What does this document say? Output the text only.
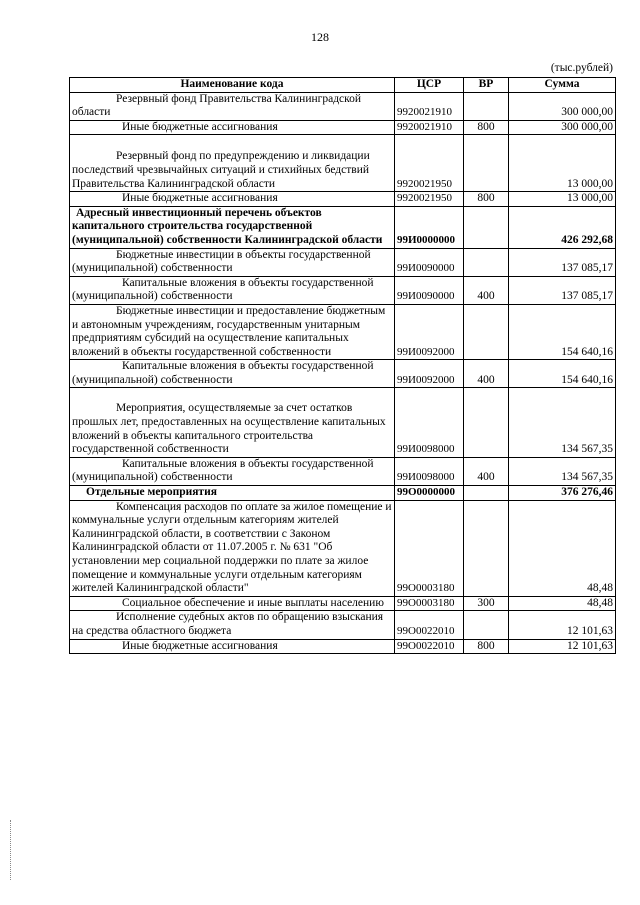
128
(тыс.рублей)
Наименование кода	ЦСР	ВР	Сумма

Резервный фонд Правительства Калининградской области	9920021910		300 000,00

Иные бюджетные ассигнования	9920021910	800	300 000,00

Резервный фонд по предупреждению и ликвидации последствий чрезвычайных ситуаций и стихийных бедствий Правительства Калининградской области	9920021950		13 000,00

Иные бюджетные ассигнования	9920021950	800	13 000,00

Адресный инвестиционный перечень объектов капитального строительства государственной (муниципальной) собственности Калининградской области	99И0000000		426 292,68

Бюджетные инвестиции в объекты государственной (муниципальной) собственности	99И0090000		137 085,17

Капитальные вложения в объекты государственной (муниципальной) собственности	99И0090000	400	137 085,17

Бюджетные инвестиции и предоставление бюджетным и автономным учреждениям, государственным унитарным предприятиям субсидий на осуществление капитальных вложений в объекты государственной собственности	99И0092000		154 640,16

Капитальные вложения в объекты государственной (муниципальной) собственности	99И0092000	400	154 640,16

Мероприятия, осуществляемые за счет остатков прошлых лет, предоставленных на осуществление капитальных вложений в объекты капитального строительства государственной собственности	99И0098000		134 567,35

Капитальные вложения в объекты государственной (муниципальной) собственности	99И0098000	400	134 567,35

Отдельные мероприятия	99О0000000		376 276,46

Компенсация расходов по оплате за жилое помещение и коммунальные услуги отдельным категориям жителей Калининградской области, в соответствии с Законом Калининградской области от 11.07.2005 г. № 631 "Об установлении мер социальной поддержки по плате за жилое помещение и коммунальные услуги отдельным категориям жителей Калининградской области"	99О0003180		48,48

Социальное обеспечение и иные выплаты населению	99О0003180	300	48,48

Исполнение судебных актов по обращению взыскания на средства областного бюджета	99О0022010		12 101,63

Иные бюджетные ассигнования	99О0022010	800	12 101,63
